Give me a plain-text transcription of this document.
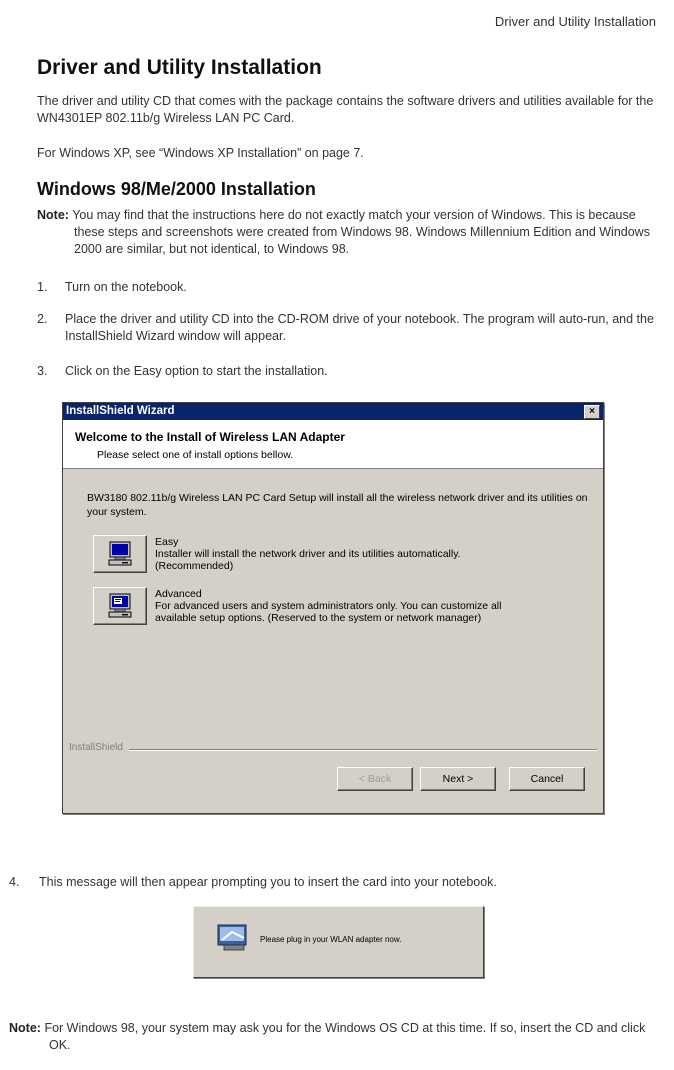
Driver and Utility Installation
Driver and Utility Installation
The driver and utility CD that comes with the package contains the software drivers and utilities available for the WN4301EP 802.11b/g Wireless LAN PC Card.
For Windows XP, see “Windows XP Installation” on page 7.
Windows 98/Me/2000 Installation
Note: You may find that the instructions here do not exactly match your version of Windows. This is because these steps and screenshots were created from Windows 98. Windows Millennium Edition and Windows 2000 are similar, but not identical, to Windows 98.
1. Turn on the notebook.
2. Place the driver and utility CD into the CD-ROM drive of your notebook. The program will auto-run, and the InstallShield Wizard window will appear.
3. Click on the Easy option to start the installation.
InstallShield Wizard	×
Welcome to the Install of Wireless LAN Adapter
Please select one of install options bellow.
BW3180 802.11b/g Wireless LAN PC Card Setup will install all the wireless network driver and its utilities on your system.
Easy
Installer will install the network driver and its utilities automatically.
(Recommended)
Advanced
For advanced users and system administrators only. You can customize all
available setup options. (Reserved to the system or network manager)
InstallShield
< Back	Next >	Cancel
4. This message will then appear prompting you to insert the card into your notebook.
Please plug in your WLAN adapter now.
Note: For Windows 98, your system may ask you for the Windows OS CD at this time. If so, insert the CD and click OK.
